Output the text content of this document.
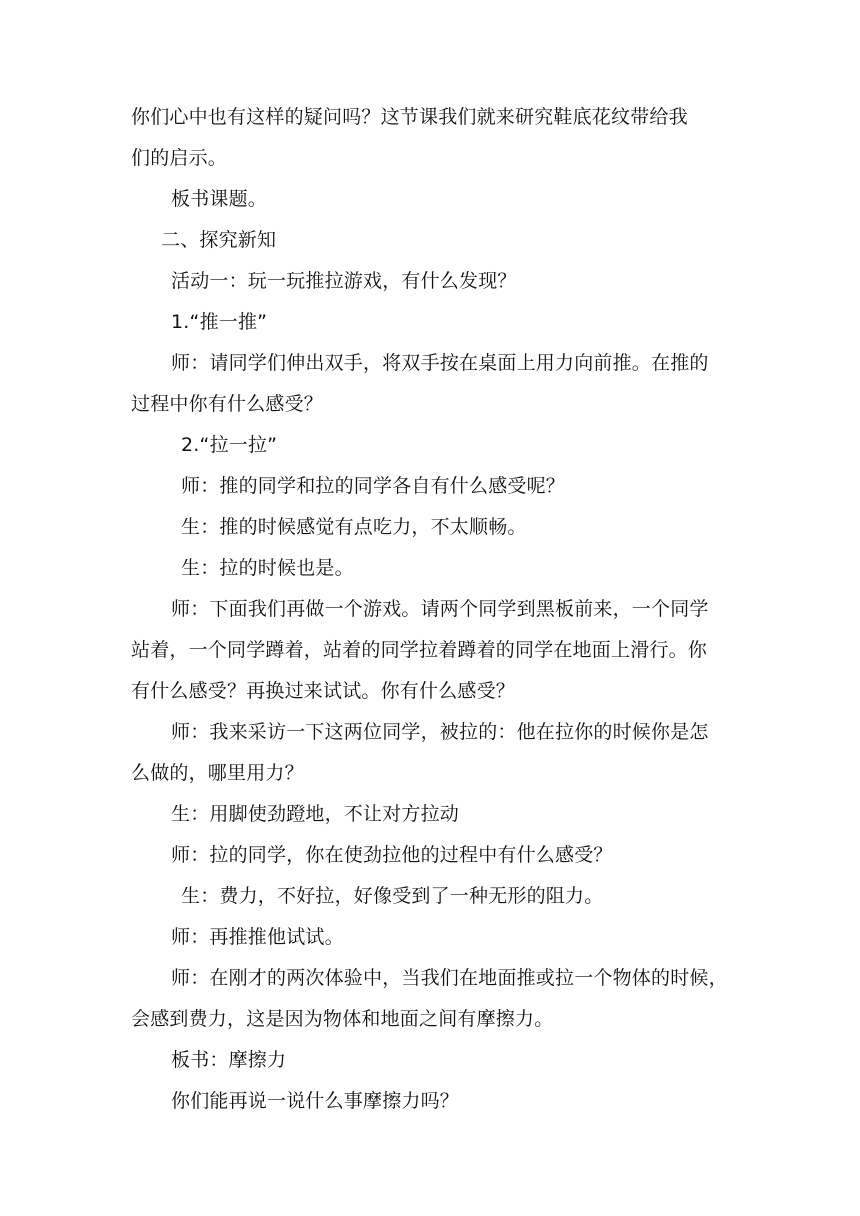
你们心中也有这样的疑问吗？这节课我们就来研究鞋底花纹带给我
们的启示。
板书课题。
二、探究新知
活动一：玩一玩推拉游戏，有什么发现？
1.“推一推”
师：请同学们伸出双手，将双手按在桌面上用力向前推。在推的
过程中你有什么感受？
2.“拉一拉”
师：推的同学和拉的同学各自有什么感受呢？
生：推的时候感觉有点吃力，不太顺畅。
生：拉的时候也是。
师：下面我们再做一个游戏。请两个同学到黑板前来，一个同学
站着，一个同学蹲着，站着的同学拉着蹲着的同学在地面上滑行。你
有什么感受？再换过来试试。你有什么感受？
师：我来采访一下这两位同学，被拉的：他在拉你的时候你是怎
么做的，哪里用力？
生：用脚使劲蹬地，不让对方拉动
师：拉的同学，你在使劲拉他的过程中有什么感受？
生：费力，不好拉，好像受到了一种无形的阻力。
师：再推推他试试。
师：在刚才的两次体验中，当我们在地面推或拉一个物体的时候，
会感到费力，这是因为物体和地面之间有摩擦力。
板书：摩擦力
你们能再说一说什么事摩擦力吗？
